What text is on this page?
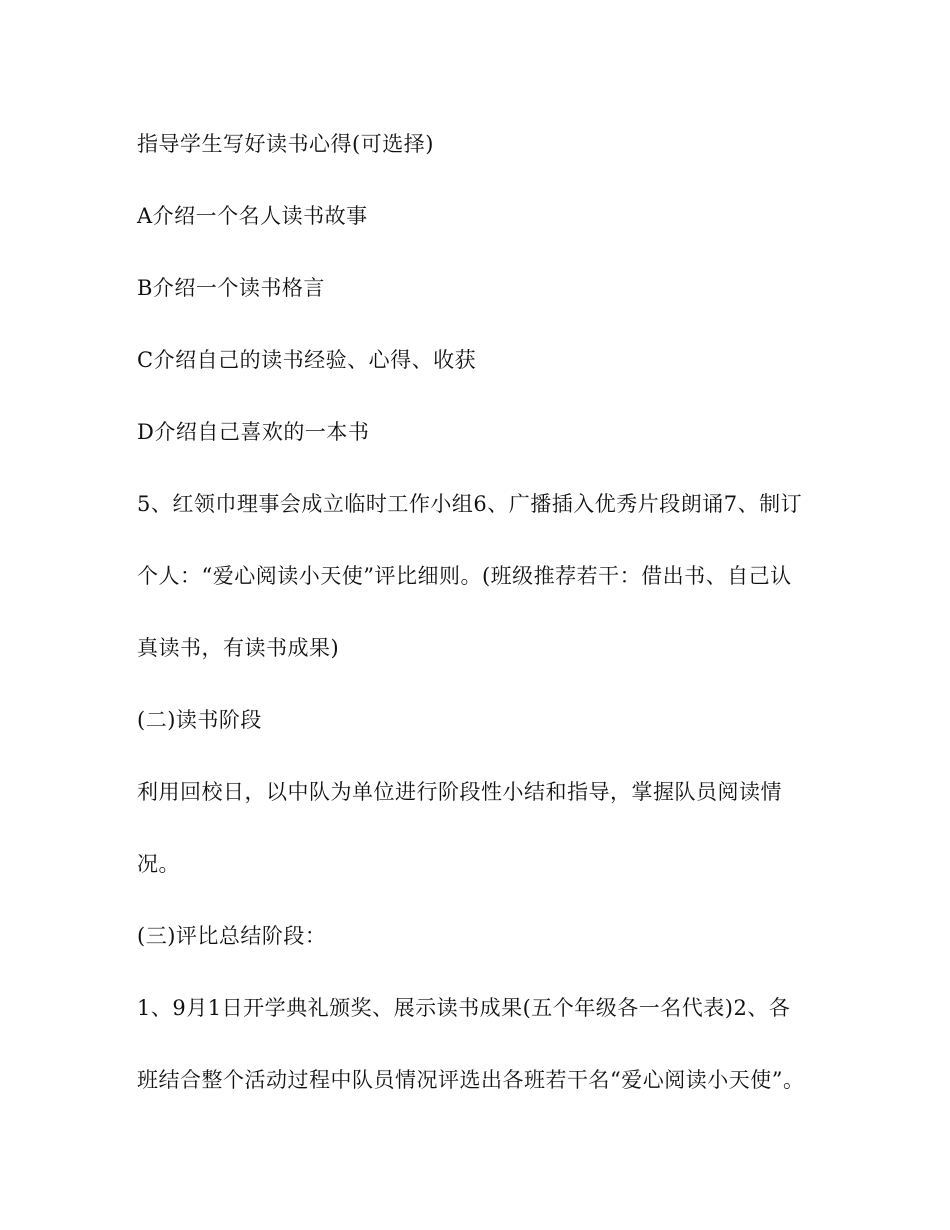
指导学生写好读书心得(可选择)

A介绍一个名人读书故事

B介绍一个读书格言

C介绍自己的读书经验、心得、收获

D介绍自己喜欢的一本书

5、红领巾理事会成立临时工作小组6、广播插入优秀片段朗诵7、制订

个人：“爱心阅读小天使”评比细则。(班级推荐若干：借出书、自己认

真读书，有读书成果)

(二)读书阶段

利用回校日，以中队为单位进行阶段性小结和指导，掌握队员阅读情

况。

(三)评比总结阶段：

1、9月1日开学典礼颁奖、展示读书成果(五个年级各一名代表)2、各

班结合整个活动过程中队员情况评选出各班若干名“爱心阅读小天使”。
